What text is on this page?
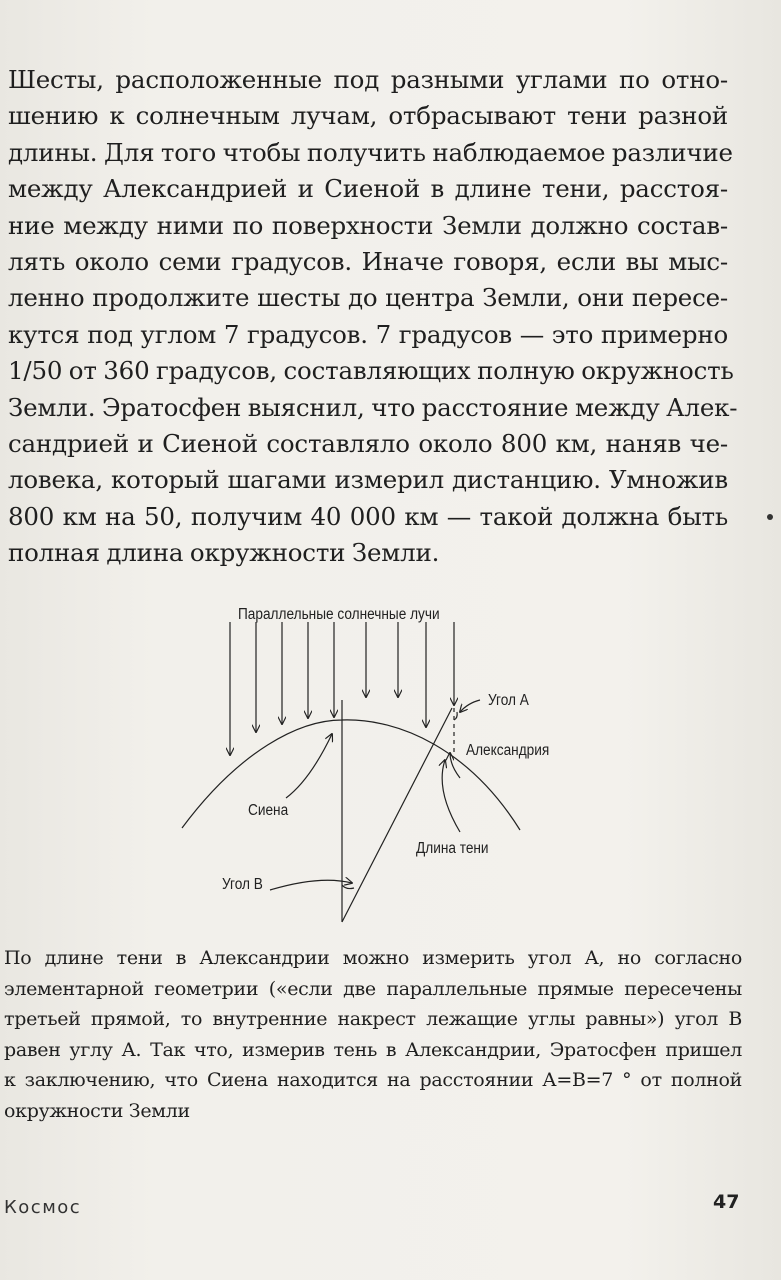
Шесты, расположенные под разными углами по отно-
шению к солнечным лучам, отбрасывают тени разной
длины. Для того чтобы получить наблюдаемое различие
между Александрией и Сиеной в длине тени, расстоя-
ние между ними по поверхности Земли должно состав-
лять около семи градусов. Иначе говоря, если вы мыс-
ленно продолжите шесты до центра Земли, они пересе-
кутся под углом 7 градусов. 7 градусов — это примерно
1/50 от 360 градусов, составляющих полную окружность
Земли. Эратосфен выяснил, что расстояние между Алек-
сандрией и Сиеной составляло около 800 км, наняв че-
ловека, который шагами измерил дистанцию. Умножив
800 км на 50, получим 40 000 км — такой должна быть
полная длина окружности Земли.
Параллельные солнечные лучи
Угол А
Александрия
Сиена
Длина тени
Угол В
По длине тени в Александрии можно измерить угол А, но согласно
элементарной геометрии («если две параллельные прямые пересечены
третьей прямой, то внутренние накрест лежащие углы равны») угол В
равен углу А. Так что, измерив тень в Александрии, Эратосфен пришел
к заключению, что Сиена находится на расстоянии А=В=7 ° от полной
окружности Земли
Космос	47
